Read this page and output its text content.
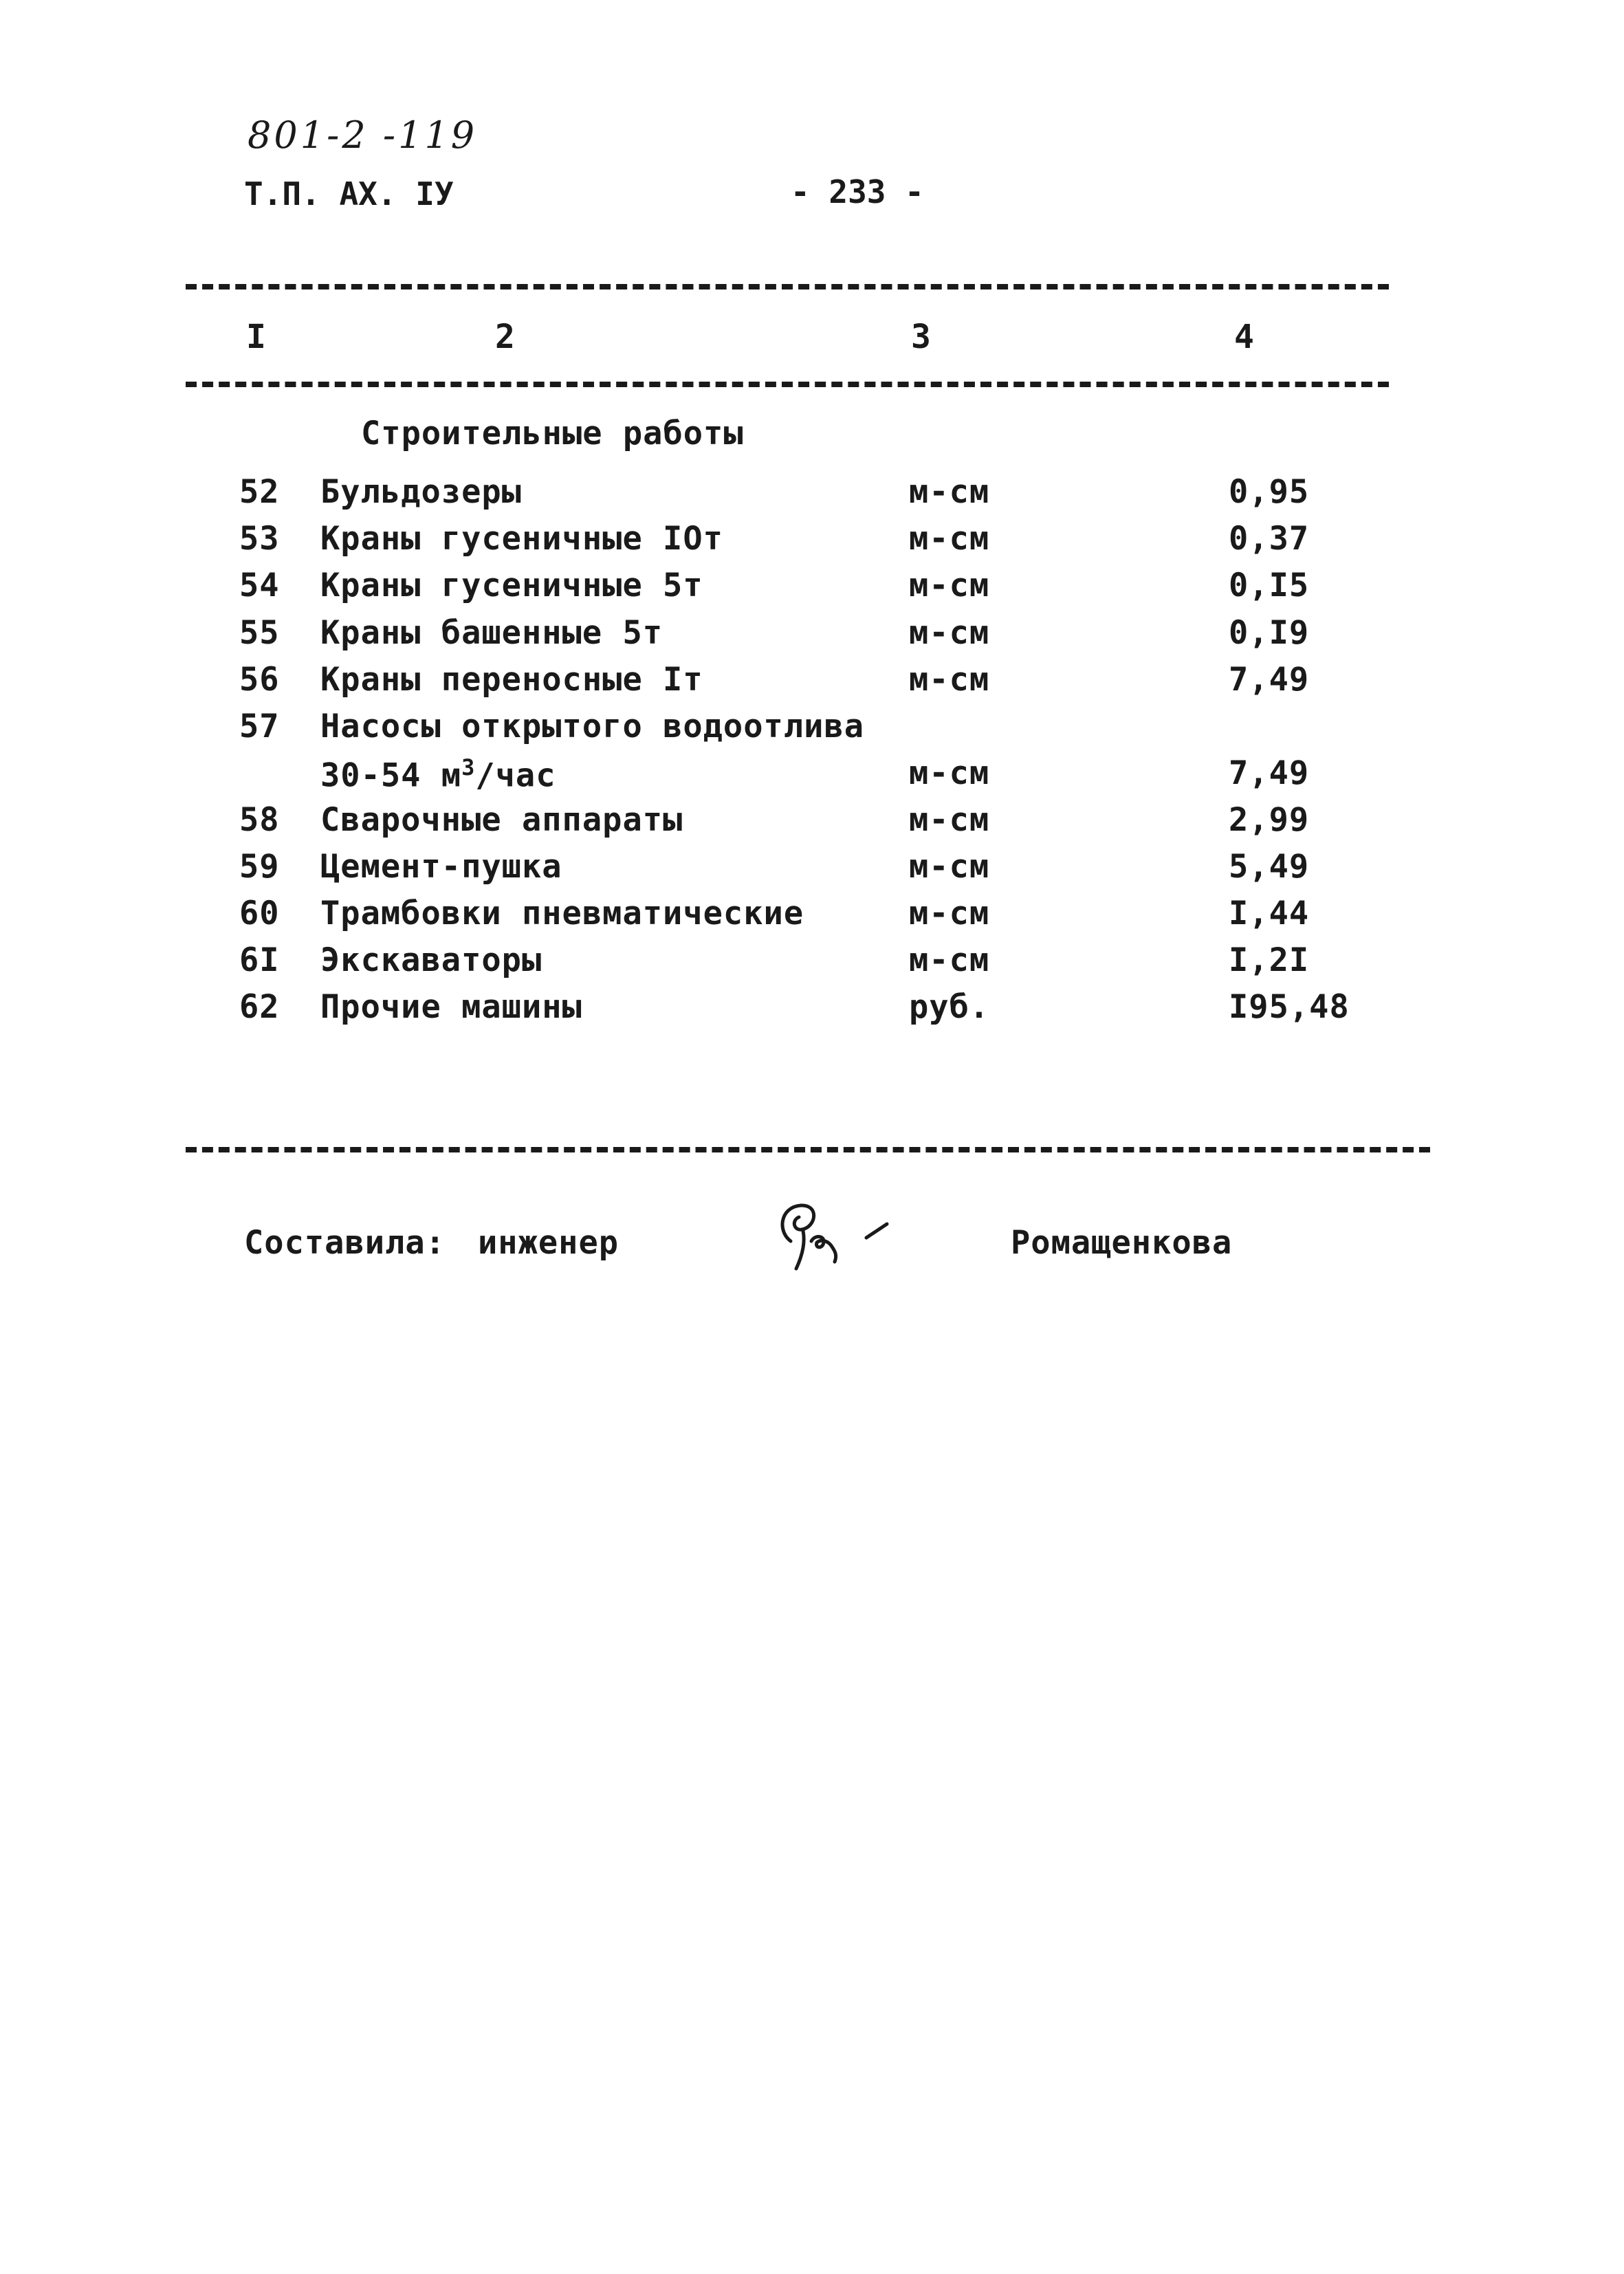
801-2 -119
Т.П. АХ. IУ	- 233 -
I	2	3	4
Строительные работы
52 Бульдозеры	м-см	0,95
53 Краны гусеничные IOт	м-см	0,37
54 Краны гусеничные 5т	м-см	0,I5
55 Краны башенные 5т	м-см	0,I9
56 Краны переносные Iт	м-см	7,49
57 Насосы открытого водоотлива
30-54 $м^3$/час	м-см	7,49
58 Сварочные аппараты	м-см	2,99
59 Цемент-пушка	м-см	5,49
60 Трамбовки пневматические	м-см	I,44
6I Экскаваторы	м-см	I,2I
62 Прочие машины	руб.	I95,48
Составила: инженер	Ромащенкова
